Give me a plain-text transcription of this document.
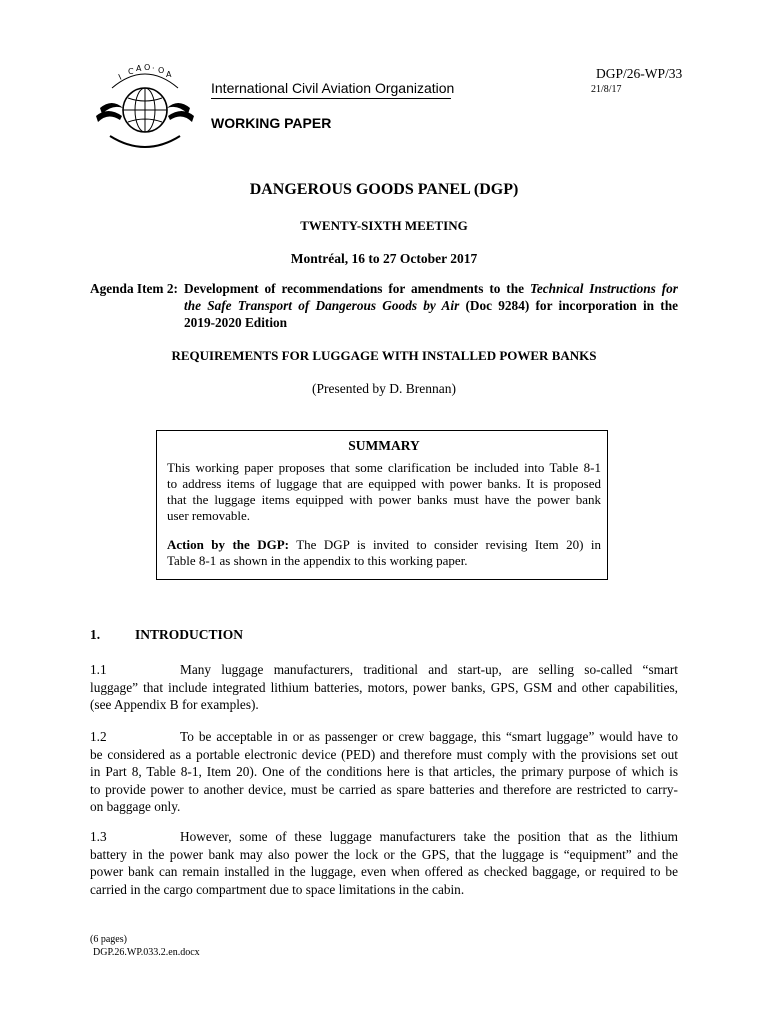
I
C A O · O A
International Civil Aviation Organization
DGP/26-WP/33
21/8/17
WORKING PAPER
DANGEROUS GOODS PANEL (DGP)
TWENTY-SIXTH MEETING
Montréal, 16 to 27 October 2017
Agenda Item 2: Development of recommendations for amendments to the Technical Instructions for
the Safe Transport of Dangerous Goods by Air (Doc 9284) for incorporation in the
2019-2020 Edition
REQUIREMENTS FOR LUGGAGE WITH INSTALLED POWER BANKS
(Presented by D. Brennan)
SUMMARY
This working paper proposes that some clarification be included into Table 8-1
to address items of luggage that are equipped with power banks. It is proposed
that the luggage items equipped with power banks must have the power bank
user removable.
Action by the DGP: The DGP is invited to consider revising Item 20) in
Table 8-1 as shown in the appendix to this working paper.
1.	INTRODUCTION
1.1	Many luggage manufacturers, traditional and start-up, are selling so-called “smart
luggage” that include integrated lithium batteries, motors, power banks, GPS, GSM and other capabilities,
(see Appendix B for examples).
1.2	To be acceptable in or as passenger or crew baggage, this “smart luggage” would have to
be considered as a portable electronic device (PED) and therefore must comply with the provisions set out
in Part 8, Table 8-1, Item 20). One of the conditions here is that articles, the primary purpose of which is
to provide power to another device, must be carried as spare batteries and therefore are restricted to carry-
on baggage only.
1.3	However, some of these luggage manufacturers take the position that as the lithium
battery in the power bank may also power the lock or the GPS, that the luggage is “equipment” and the
power bank can remain installed in the luggage, even when offered as checked baggage, or required to be
carried in the cargo compartment due to space limitations in the cabin.
(6 pages)
DGP.26.WP.033.2.en.docx
